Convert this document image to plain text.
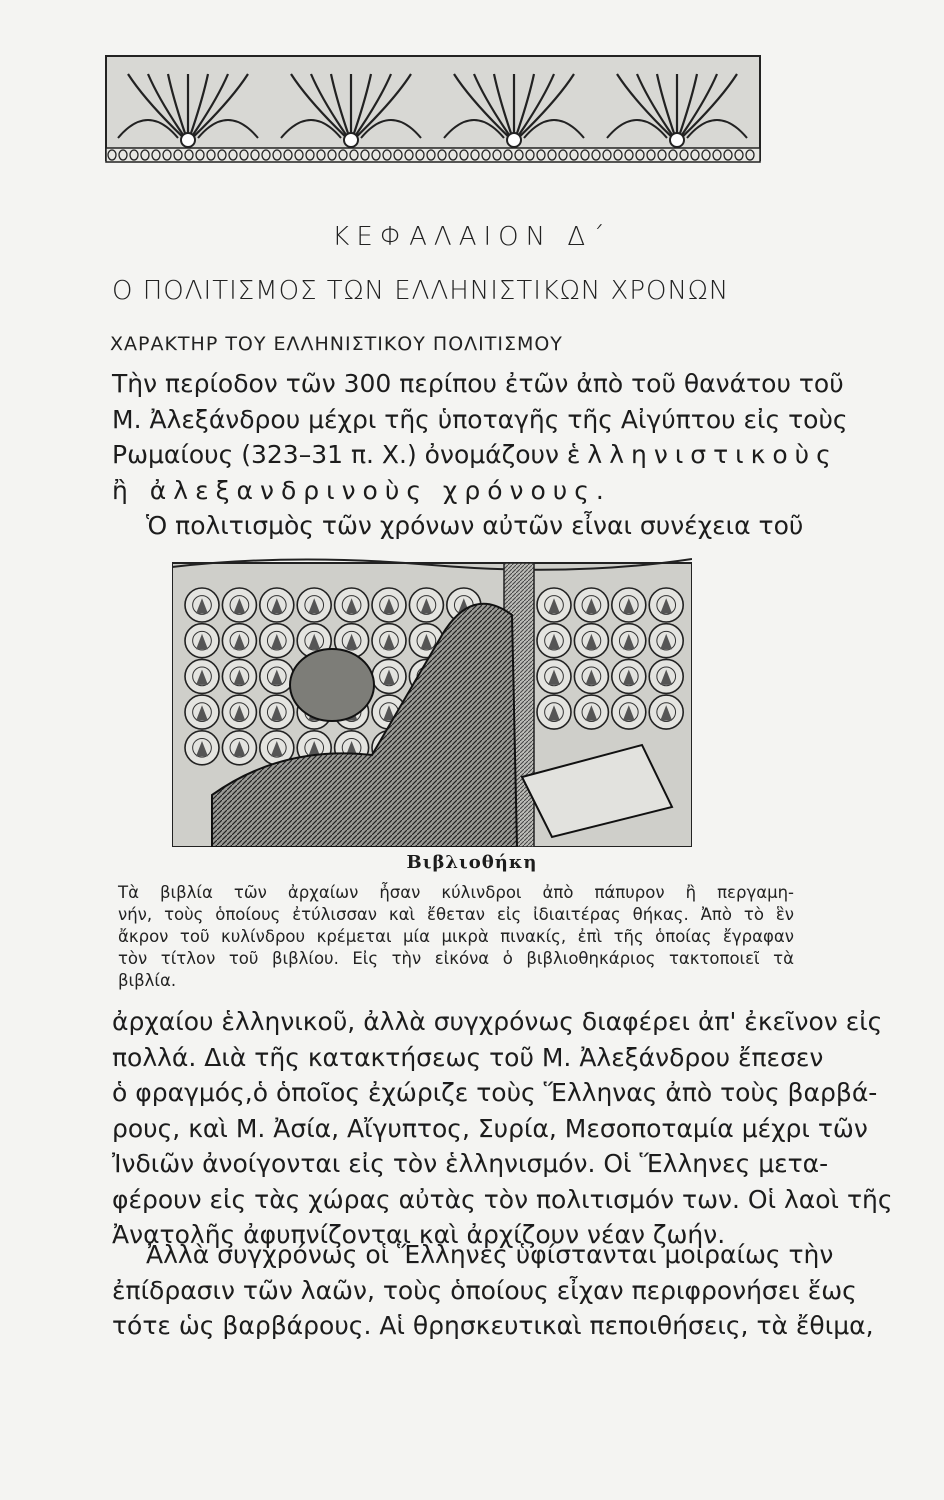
ΚΕΦΑΛΑΙΟΝ Δ΄
Ο ΠΟΛΙΤΙΣΜΟΣ ΤΩΝ ΕΛΛΗΝΙΣΤΙΚΩΝ ΧΡΟΝΩΝ
ΧΑΡΑΚΤΗΡ ΤΟΥ ΕΛΛΗΝΙΣΤΙΚΟΥ ΠΟΛΙΤΙΣΜΟΥ
Τὴν περίοδον τῶν 300 περίπου ἐτῶν ἀπὸ τοῦ θανάτου τοῦ
Μ. Ἀλεξάνδρου μέχρι τῆς ὑποταγῆς τῆς Αἰγύπτου εἰς τοὺς
Ρωμαίους (323–31 π. Χ.) ὀνομάζουν ἑλληνιστικοὺς
ἢ ἀλεξανδρινοὺς χρόνους.
Ὁ πολιτισμὸς τῶν χρόνων αὐτῶν εἶναι συνέχεια τοῦ
Βιβλιοθήκη
Τὰ βιβλία τῶν ἀρχαίων ἦσαν κύλινδροι ἀπὸ πάπυρον ἢ περγαμη-
νήν, τοὺς ὁποίους ἐτύλισσαν καὶ ἔθεταν εἰς ἰδιαιτέρας θήκας. Ἀπὸ τὸ ἓν
ἄκρον τοῦ κυλίνδρου κρέμεται μία μικρὰ πινακίς, ἐπὶ τῆς ὁποίας ἔγραφαν
τὸν τίτλον τοῦ βιβλίου. Εἰς τὴν εἰκόνα ὁ βιβλιοθηκάριος τακτοποιεῖ τὰ
βιβλία.
ἀρχαίου ἑλληνικοῦ, ἀλλὰ συγχρόνως διαφέρει ἀπ' ἐκεῖνον εἰς
πολλά. Διὰ τῆς κατακτήσεως τοῦ Μ. Ἀλεξάνδρου ἔπεσεν
ὁ φραγμός,ὁ ὁποῖος ἐχώριζε τοὺς Ἕλληνας ἀπὸ τοὺς βαρβά-
ρους, καὶ Μ. Ἀσία, Αἴγυπτος, Συρία, Μεσοποταμία μέχρι τῶν
Ἰνδιῶν ἀνοίγονται εἰς τὸν ἑλληνισμόν. Οἱ Ἕλληνες μετα-
φέρουν εἰς τὰς χώρας αὐτὰς τὸν πολιτισμόν των. Οἱ λαοὶ τῆς
Ἀνατολῆς ἀφυπνίζονται καὶ ἀρχίζουν νέαν ζωήν.
Ἀλλὰ συγχρόνως οἱ Ἕλληνες ὑφίστανται μοιραίως τὴν
ἐπίδρασιν τῶν λαῶν, τοὺς ὁποίους εἶχαν περιφρονήσει ἕως
τότε ὡς βαρβάρους. Αἱ θρησκευτικαὶ πεποιθήσεις, τὰ ἔθιμα,
